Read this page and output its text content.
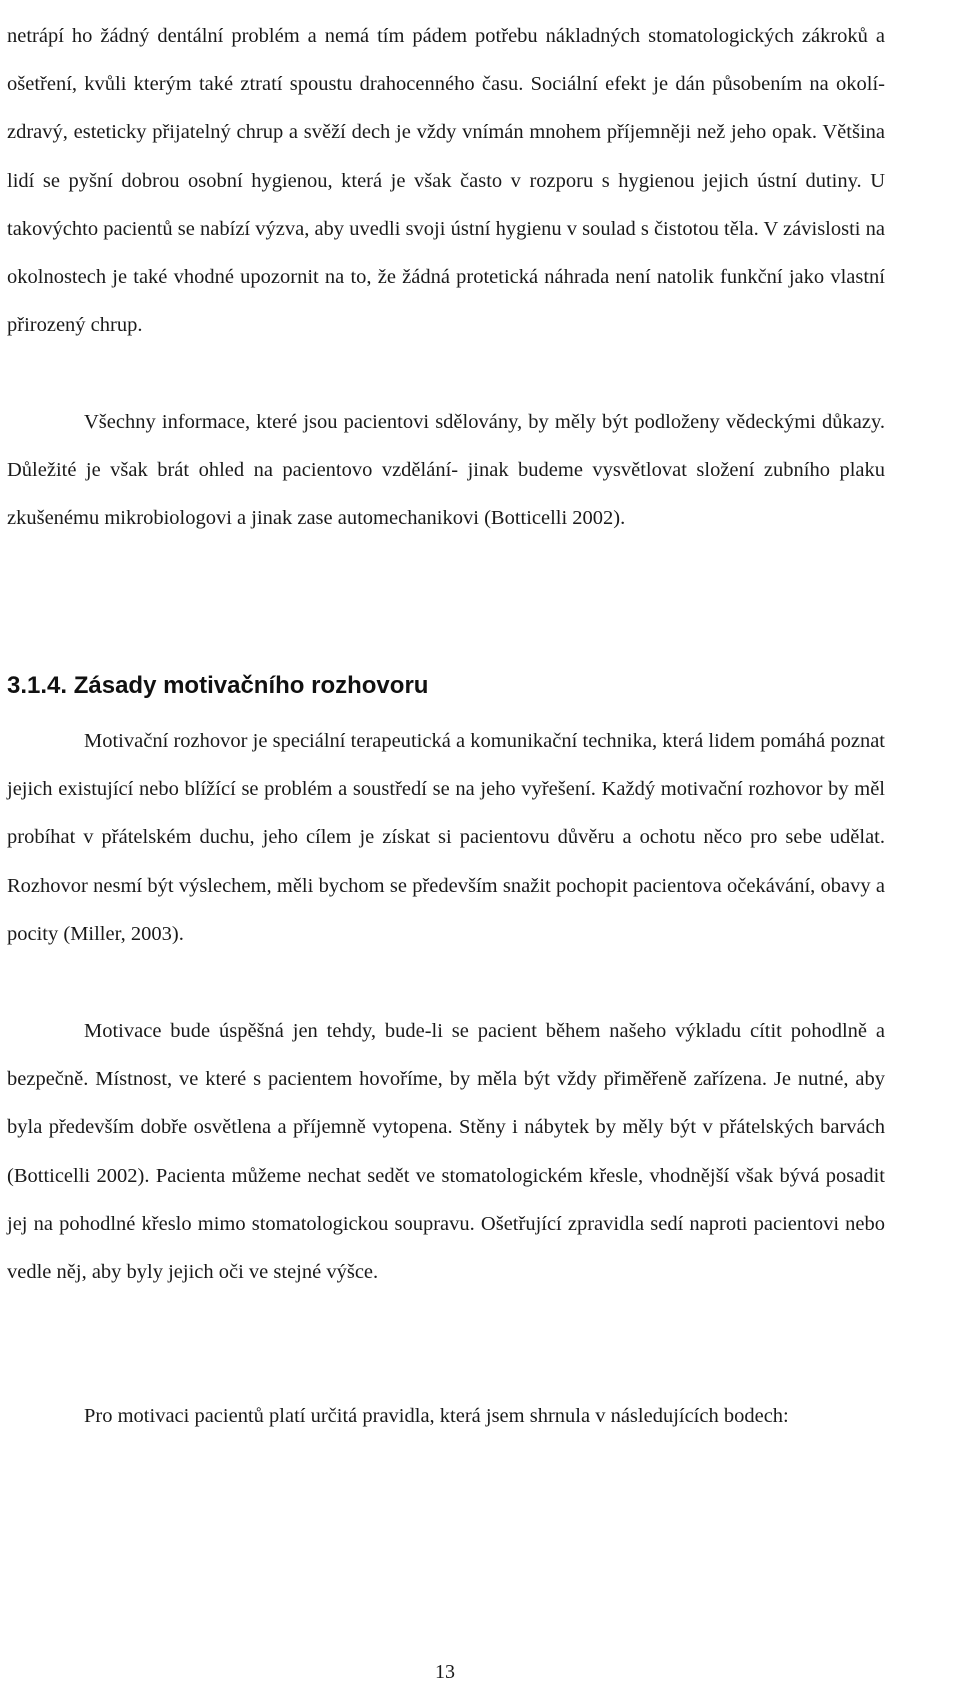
netrápí ho žádný dentální problém a nemá tím pádem potřebu nákladných stomatologických zákroků a ošetření, kvůli kterým také ztratí spoustu drahocenného času. Sociální efekt je dán působením na okolí- zdravý, esteticky přijatelný chrup a svěží dech je vždy vnímán mnohem příjemněji než jeho opak. Většina lidí se pyšní dobrou osobní hygienou, která je však často v rozporu s hygienou jejich ústní dutiny. U takovýchto pacientů se nabízí výzva, aby uvedli svoji ústní hygienu v soulad s čistotou těla. V závislosti na okolnostech je také vhodné upozornit na to, že žádná protetická náhrada není natolik funkční jako vlastní přirozený chrup.

Všechny informace, které jsou pacientovi sdělovány, by měly být podloženy vědeckými důkazy. Důležité je však brát ohled na pacientovo vzdělání- jinak budeme vysvětlovat složení zubního plaku zkušenému mikrobiologovi a jinak zase automechanikovi (Botticelli 2002).

3.1.4. Zásady motivačního rozhovoru

Motivační rozhovor je speciální terapeutická a komunikační technika, která lidem pomáhá poznat jejich existující nebo blížící se problém a soustředí se na jeho vyřešení. Každý motivační rozhovor by měl probíhat v přátelském duchu, jeho cílem je získat si pacientovu důvěru a ochotu něco pro sebe udělat. Rozhovor nesmí být výslechem, měli bychom se především snažit pochopit pacientova očekávání, obavy a pocity (Miller, 2003).

Motivace bude úspěšná jen tehdy, bude-li se pacient během našeho výkladu cítit pohodlně a bezpečně. Místnost, ve které s pacientem hovoříme, by měla být vždy přiměřeně zařízena. Je nutné, aby byla především dobře osvětlena a příjemně vytopena. Stěny i nábytek by měly být v přátelských barvách (Botticelli 2002). Pacienta můžeme nechat sedět ve stomatologickém křesle, vhodnější však bývá posadit jej na pohodlné křeslo mimo stomatologickou soupravu. Ošetřující zpravidla sedí naproti pacientovi nebo vedle něj, aby byly jejich oči ve stejné výšce.

Pro motivaci pacientů platí určitá pravidla, která jsem shrnula v následujících bodech:

13
